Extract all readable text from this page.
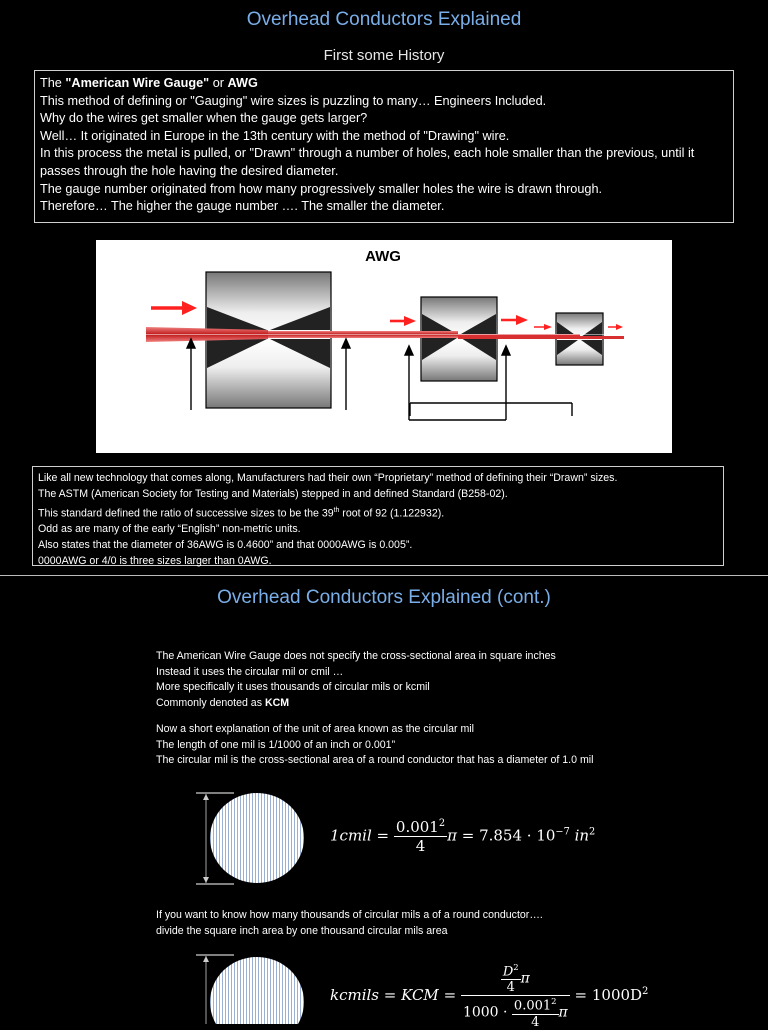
Overhead Conductors Explained
First some History
The "American Wire Gauge" or AWG
This method of defining or "Gauging" wire sizes is puzzling to many… Engineers Included.
Why do the wires get smaller when the gauge gets larger?
Well… It originated in Europe in the 13th century with the method of "Drawing" wire.
In this process the metal is pulled, or "Drawn" through a number of holes, each hole smaller than the previous, until it passes through the hole having the desired diameter.
The gauge number originated from how many progressively smaller holes the wire is drawn through.
Therefore… The higher the gauge number …. The smaller the diameter.
AWG
Like all new technology that comes along, Manufacturers had their own “Proprietary” method of defining their “Drawn” sizes.
The ASTM (American Society for Testing and Materials) stepped in and defined Standard (B258-02).
This standard defined the ratio of successive sizes to be the 39th root of 92 (1.122932).
Odd as are many of the early “English” non-metric units.
Also states that the diameter of 36AWG is 0.4600” and that 0000AWG is 0.005”.
0000AWG or 4/0 is three sizes larger than 0AWG.
Overhead Conductors Explained (cont.)
The American Wire Gauge does not specify the cross-sectional area in square inches
Instead it uses the circular mil or cmil …
More specifically it uses thousands of circular mils or kcmil
Commonly denoted as KCM
Now a short explanation of the unit of area known as the circular mil
The length of one mil is 1/1000 of an inch or 0.001”
The circular mil is the cross-sectional area of a round conductor that has a diameter of 1.0 mil
1cmil = $\frac{0.001^2}{4}$ $\pi = 7.854 \cdot 10^{-7}$ $in^2$
If you want to know how many thousands of circular mils a of a round conductor….
divide the square inch area by one thousand circular mils area
kcmils = KCM = $\frac{\frac{D^2}{4} \pi}{1000 \cdot \frac{0.001^2}{4} \pi} = 1000D^2$
